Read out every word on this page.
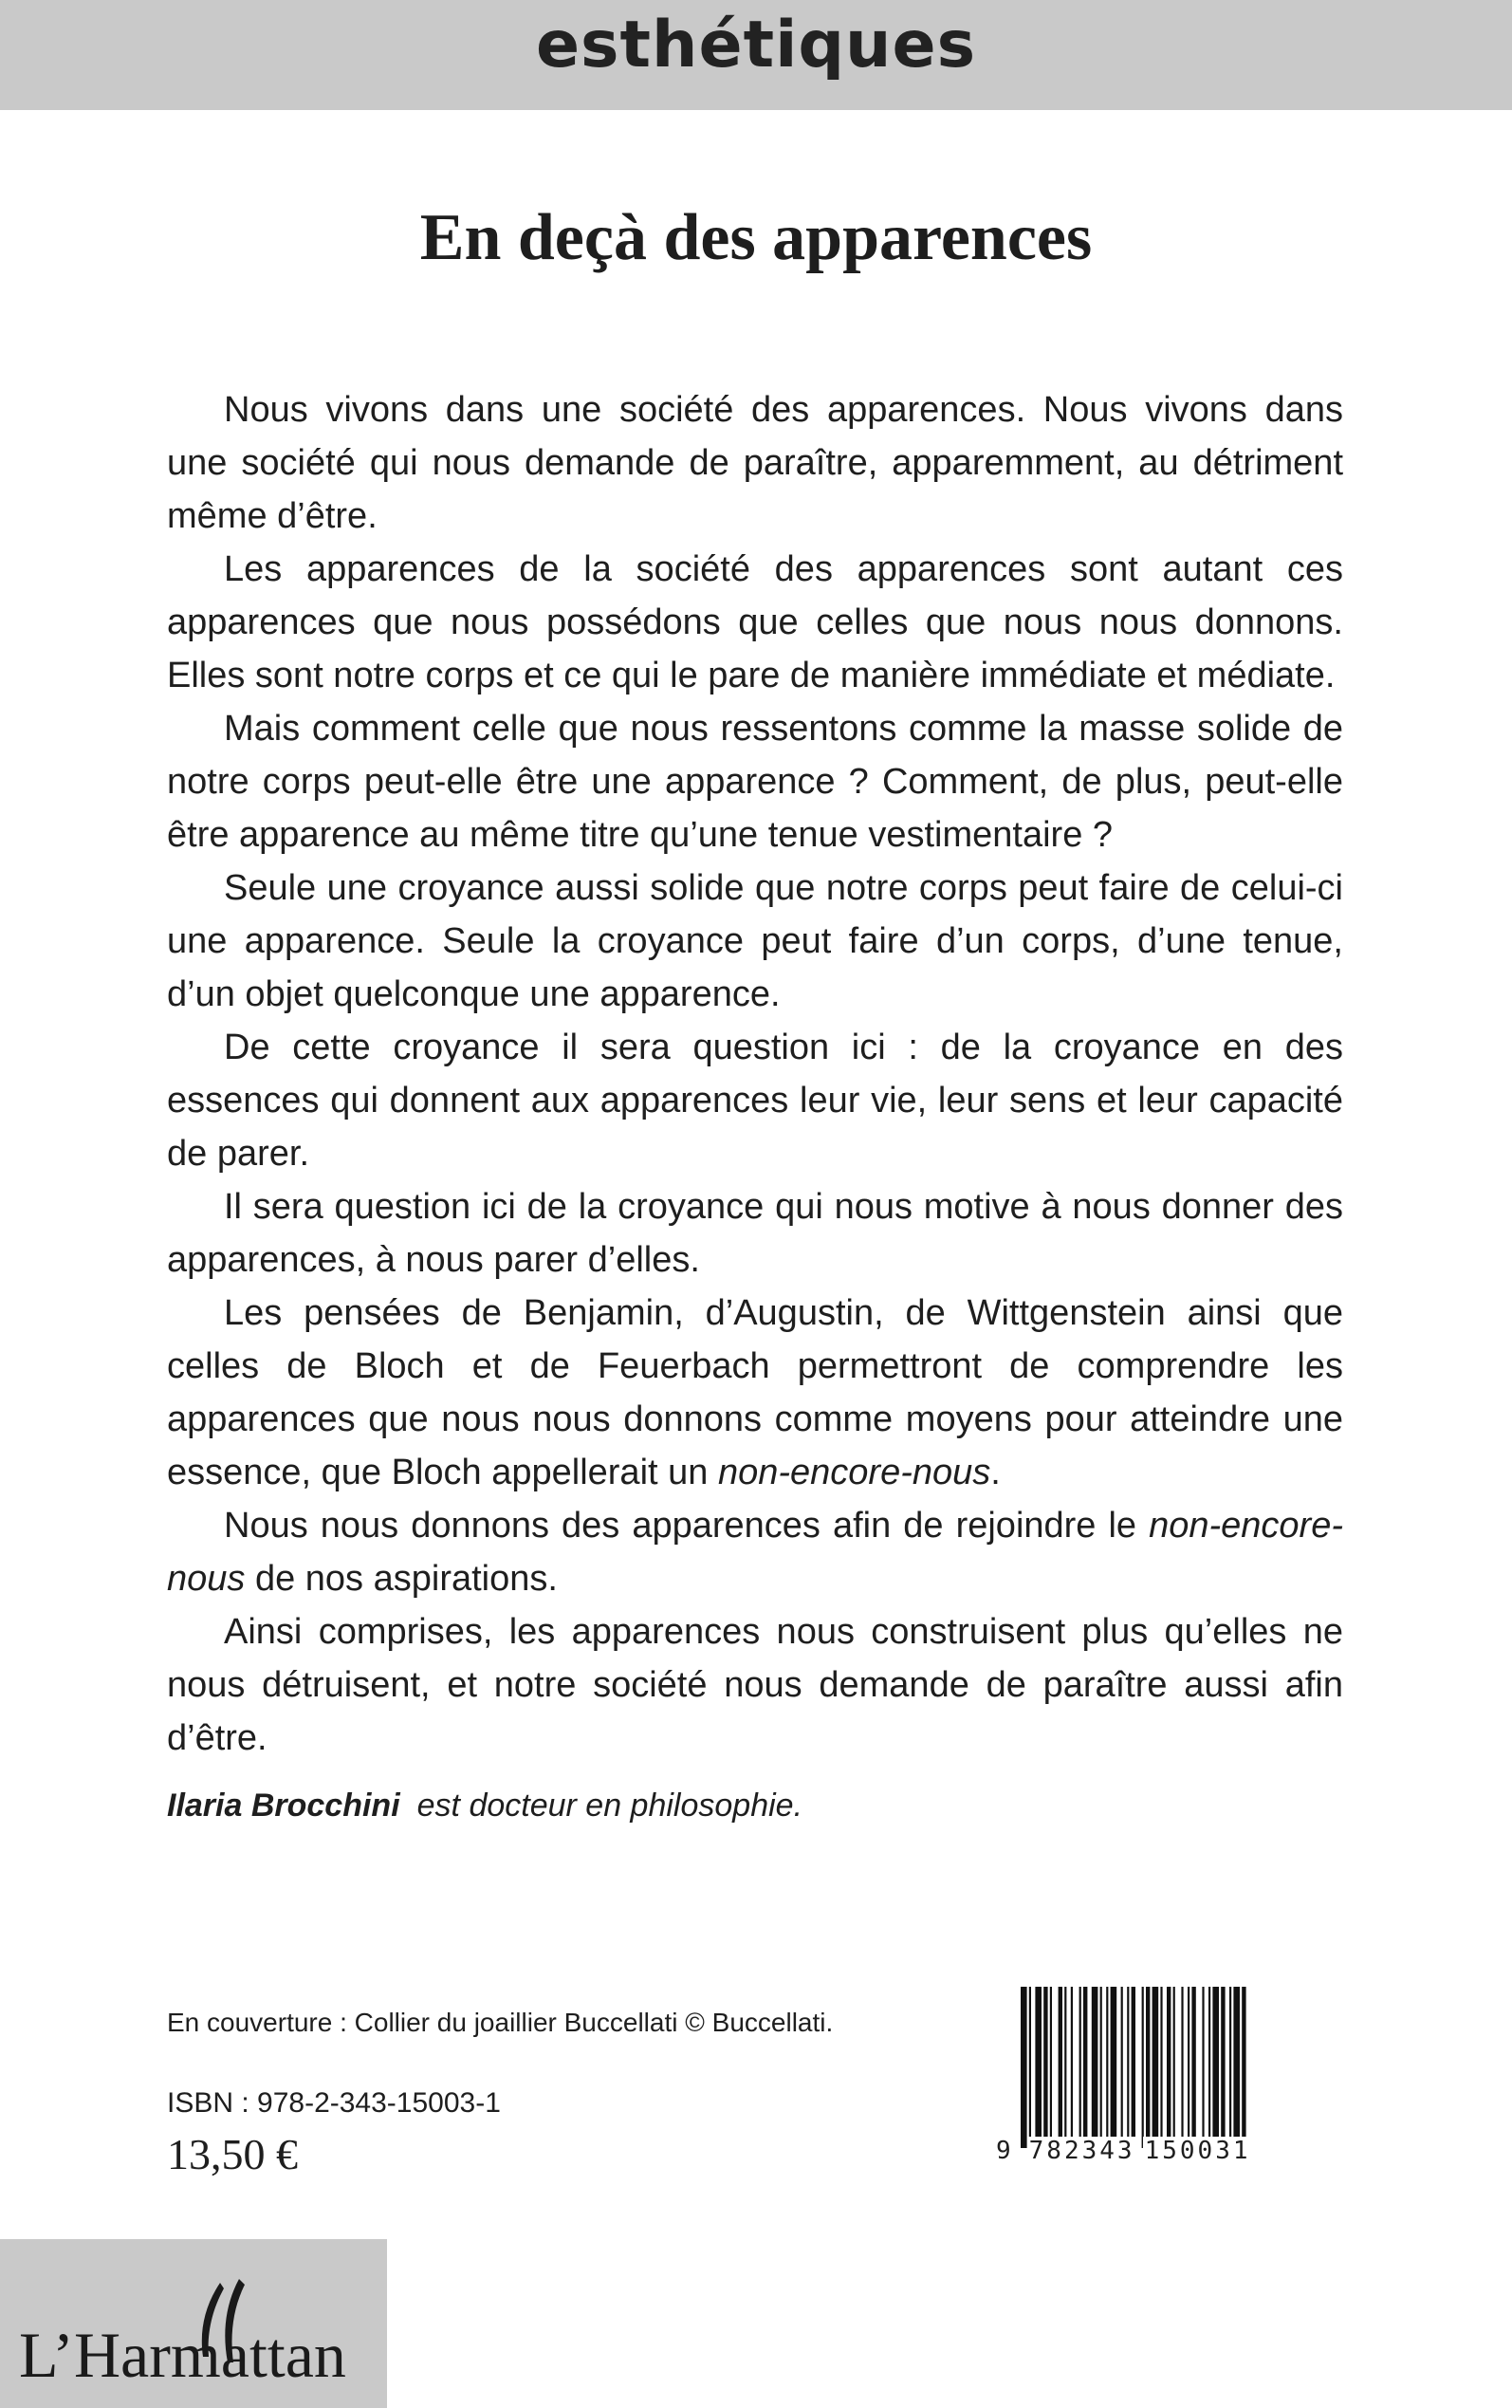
esthétiques
En deçà des apparences

Nous vivons dans une société des apparences. Nous vivons dans une société qui nous demande de paraître, apparemment, au détriment même d’être.

Les apparences de la société des apparences sont autant ces apparences que nous possédons que celles que nous nous donnons. Elles sont notre corps et ce qui le pare de manière immédiate et médiate.

Mais comment celle que nous ressentons comme la masse solide de notre corps peut-elle être une apparence ? Comment, de plus, peut-elle être apparence au même titre qu’une tenue vestimentaire ?

Seule une croyance aussi solide que notre corps peut faire de celui-ci une apparence. Seule la croyance peut faire d’un corps, d’une tenue, d’un objet quelconque une apparence.

De cette croyance il sera question ici : de la croyance en des essences qui donnent aux apparences leur vie, leur sens et leur capacité de parer.

Il sera question ici de la croyance qui nous motive à nous donner des apparences, à nous parer d’elles.

Les pensées de Benjamin, d’Augustin, de Wittgenstein ainsi que celles de Bloch et de Feuerbach permettront de comprendre les apparences que nous nous donnons comme moyens pour atteindre une essence, que Bloch appellerait un non-encore-nous.

Nous nous donnons des apparences afin de rejoindre le non-encore-nous de nos aspirations.

Ainsi comprises, les apparences nous construisent plus qu’elles ne nous détruisent, et notre société nous demande de paraître aussi afin d’être.

Ilaria Brocchini est docteur en philosophie.
En couverture : Collier du joaillier Buccellati © Buccellati.
ISBN : 978-2-343-15003-1
13,50 €	9 782343 150031
L’Harmattan
